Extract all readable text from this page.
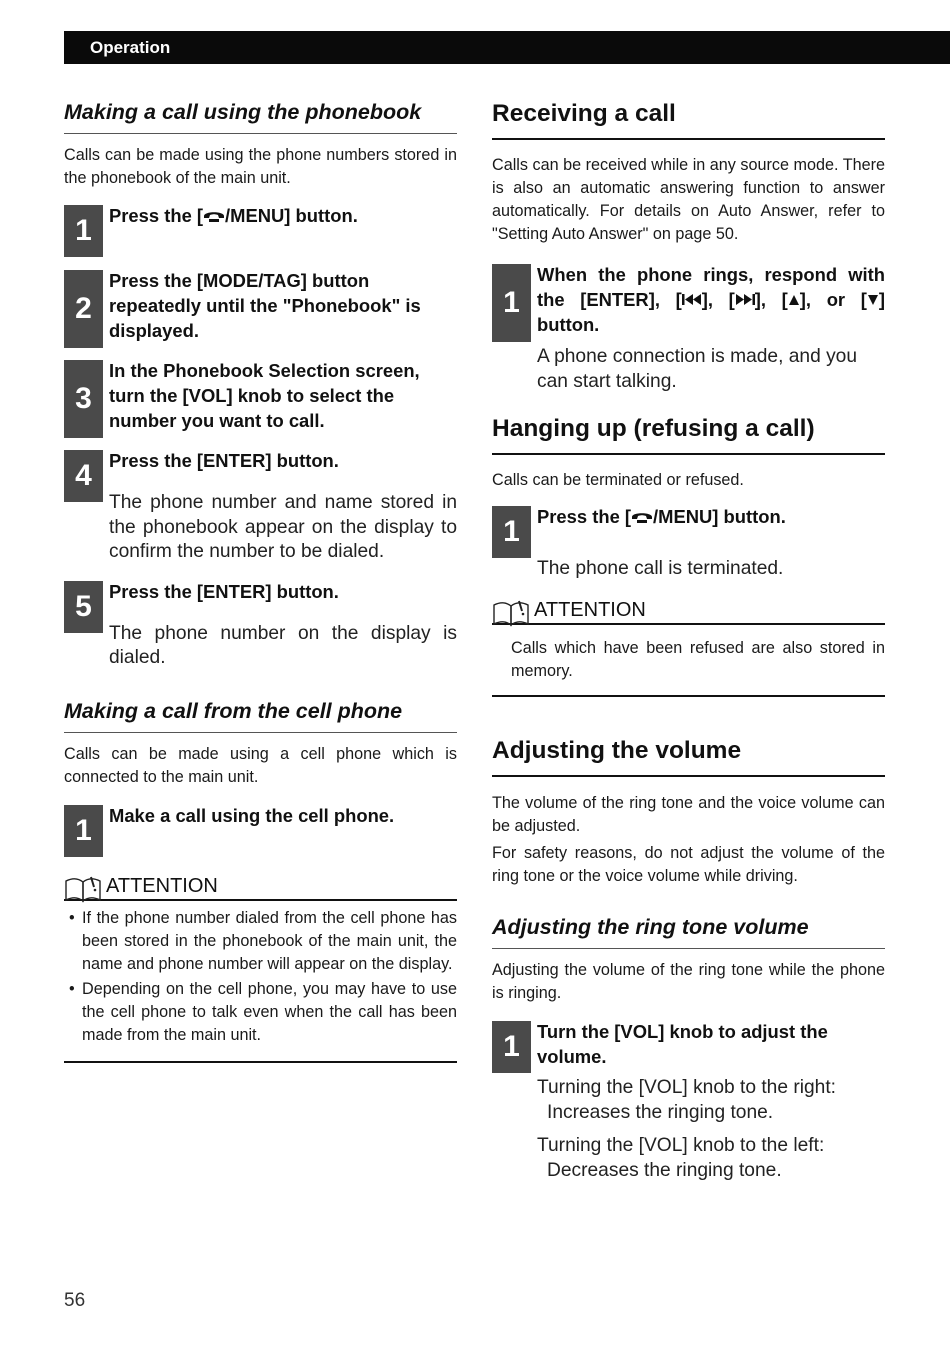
Operation
Making a call using the phonebook

Calls can be made using the phone numbers stored in the phonebook of the main unit.

1 Press the [ /MENU] button.
2
Press the [MODE/TAG] button repeatedly until the "Phonebook" is displayed.
3
In the Phonebook Selection screen, turn the [VOL] knob to select the number you want to call.
4 Press the [ENTER] button.

The phone number and name stored in the phonebook appear on the display to confirm the number to be dialed.

5 Press the [ENTER] button.

The phone number on the display is dialed.

Making a call from the cell phone

Calls can be made using a cell phone which is connected to the main unit.

1 Make a call using the cell phone.
ATTENTION

• If the phone number dialed from the cell phone has been stored in the phonebook of the main unit, the name and phone number will appear on the display.

• Depending on the cell phone, you may have to use the cell phone to talk even when the call has been made from the main unit.

Receiving a call

Calls can be received while in any source mode. There is also an automatic answering function to answer automatically. For details on Auto Answer, refer to "Setting Auto Answer" on page 50.

1
When the phone rings, respond with the [ENTER], [ ], [ ], [ ], or [ ] button.

A phone connection is made, and you can start talking.

Hanging up (refusing a call)

Calls can be terminated or refused.

1 Press the [ /MENU] button.

The phone call is terminated.

ATTENTION

Calls which have been refused are also stored in memory.

Adjusting the volume

The volume of the ring tone and the voice volume can be adjusted.

For safety reasons, do not adjust the volume of the ring tone or the voice volume while driving.

Adjusting the ring tone volume

Adjusting the volume of the ring tone while the phone is ringing.

1 Turn the [VOL] knob to adjust the volume.
Turning the [VOL] knob to the right:
Increases the ringing tone.
Turning the [VOL] knob to the left:
Decreases the ringing tone.
56
